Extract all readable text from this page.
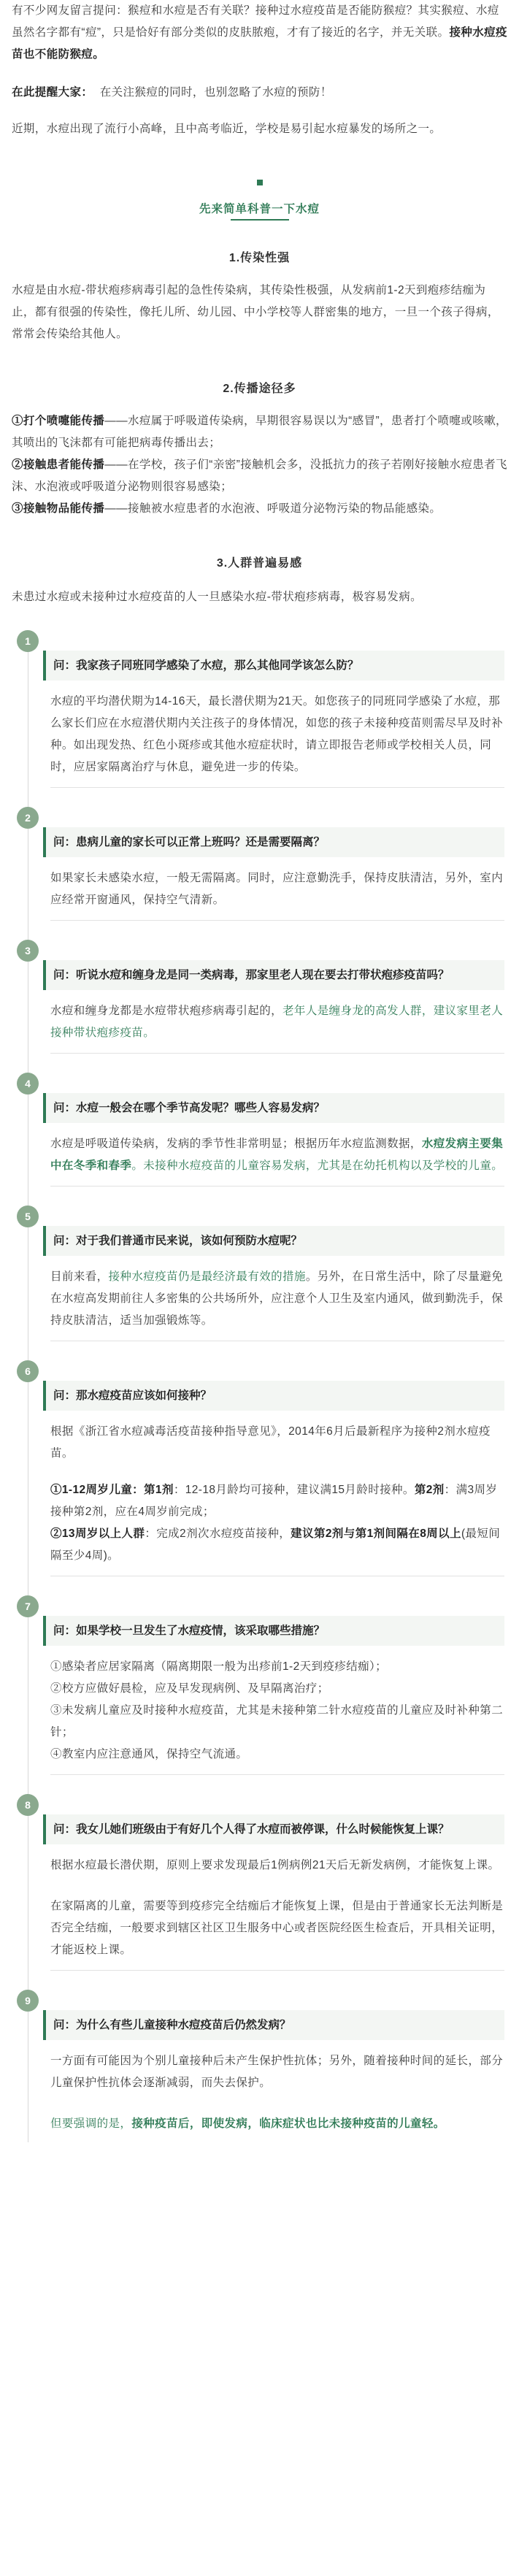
有不少网友留言提问：猴痘和水痘是否有关联？接种过水痘疫苗是否能防猴痘？其实猴痘、水痘虽然名字都有“痘”，只是恰好有部分类似的皮肤脓疱，才有了接近的名字，并无关联。接种水痘疫苗也不能防猴痘。

在此提醒大家： 在关注猴痘的同时，也别忽略了水痘的预防！

近期，水痘出现了流行小高峰，且中高考临近，学校是易引起水痘暴发的场所之一。

先来简单科普一下水痘
1.传染性强

水痘是由水痘-带状疱疹病毒引起的急性传染病，其传染性极强，从发病前1-2天到疱疹结痂为止，都有很强的传染性，像托儿所、幼儿园、中小学校等人群密集的地方，一旦一个孩子得病，常常会传染给其他人。

2.传播途径多

①打个喷嚏能传播——水痘属于呼吸道传染病，早期很容易误以为“感冒”，患者打个喷嚏或咳嗽，其喷出的飞沫都有可能把病毒传播出去；

②接触患者能传播——在学校，孩子们“亲密”接触机会多，没抵抗力的孩子若刚好接触水痘患者飞沫、水泡液或呼吸道分泌物则很容易感染；

③接触物品能传播——接触被水痘患者的水泡液、呼吸道分泌物污染的物品能感染。

3.人群普遍易感

未患过水痘或未接种过水痘疫苗的人一旦感染水痘-带状疱疹病毒，极容易发病。

1
问：我家孩子同班同学感染了水痘，那么其他同学该怎么防？

水痘的平均潜伏期为14-16天，最长潜伏期为21天。如您孩子的同班同学感染了水痘，那么家长们应在水痘潜伏期内关注孩子的身体情况，如您的孩子未接种疫苗则需尽早及时补种。如出现发热、红色小斑疹或其他水痘症状时，请立即报告老师或学校相关人员，同时，应居家隔离治疗与休息，避免进一步的传染。

2
问：患病儿童的家长可以正常上班吗？还是需要隔离？

如果家长未感染水痘，一般无需隔离。同时，应注意勤洗手，保持皮肤清洁，另外，室内应经常开窗通风，保持空气清新。

3
问：听说水痘和缠身龙是同一类病毒，那家里老人现在要去打带状疱疹疫苗吗？

水痘和缠身龙都是水痘带状疱疹病毒引起的，老年人是缠身龙的高发人群，建议家里老人接种带状疱疹疫苗。

4
问：水痘一般会在哪个季节高发呢？哪些人容易发病？

水痘是呼吸道传染病，发病的季节性非常明显；根据历年水痘监测数据，水痘发病主要集中在冬季和春季。未接种水痘疫苗的儿童容易发病，尤其是在幼托机构以及学校的儿童。

5
问：对于我们普通市民来说，该如何预防水痘呢？

目前来看，接种水痘疫苗仍是最经济最有效的措施。另外，在日常生活中，除了尽量避免在水痘高发期前往人多密集的公共场所外，应注意个人卫生及室内通风，做到勤洗手，保持皮肤清洁，适当加强锻炼等。

6
问：那水痘疫苗应该如何接种？

根据《浙江省水痘减毒活疫苗接种指导意见》，2014年6月后最新程序为接种2剂水痘疫苗。

①1-12周岁儿童：第1剂：12-18月龄均可接种，建议满15月龄时接种。第2剂：满3周岁接种第2剂，应在4周岁前完成；

②13周岁以上人群：完成2剂次水痘疫苗接种，建议第2剂与第1剂间隔在8周以上(最短间隔至少4周)。

7
问：如果学校一旦发生了水痘疫情，该采取哪些措施？

①感染者应居家隔离（隔离期限一般为出疹前1-2天到疫疹结痂）；

②校方应做好晨检，应及早发现病例、及早隔离治疗；

③未发病儿童应及时接种水痘疫苗，尤其是未接种第二针水痘疫苗的儿童应及时补种第二针；

④教室内应注意通风，保持空气流通。

8
问：我女儿她们班级由于有好几个人得了水痘而被停课，什么时候能恢复上课？

根据水痘最长潜伏期，原则上要求发现最后1例病例21天后无新发病例，才能恢复上课。

在家隔离的儿童，需要等到疫疹完全结痂后才能恢复上课，但是由于普通家长无法判断是否完全结痂，一般要求到辖区社区卫生服务中心或者医院经医生检查后，开具相关证明，才能返校上课。

9
问：为什么有些儿童接种水痘疫苗后仍然发病？

一方面有可能因为个别儿童接种后未产生保护性抗体；另外，随着接种时间的延长，部分儿童保护性抗体会逐渐减弱，而失去保护。

但要强调的是，接种疫苗后，即使发病，临床症状也比未接种疫苗的儿童轻。
